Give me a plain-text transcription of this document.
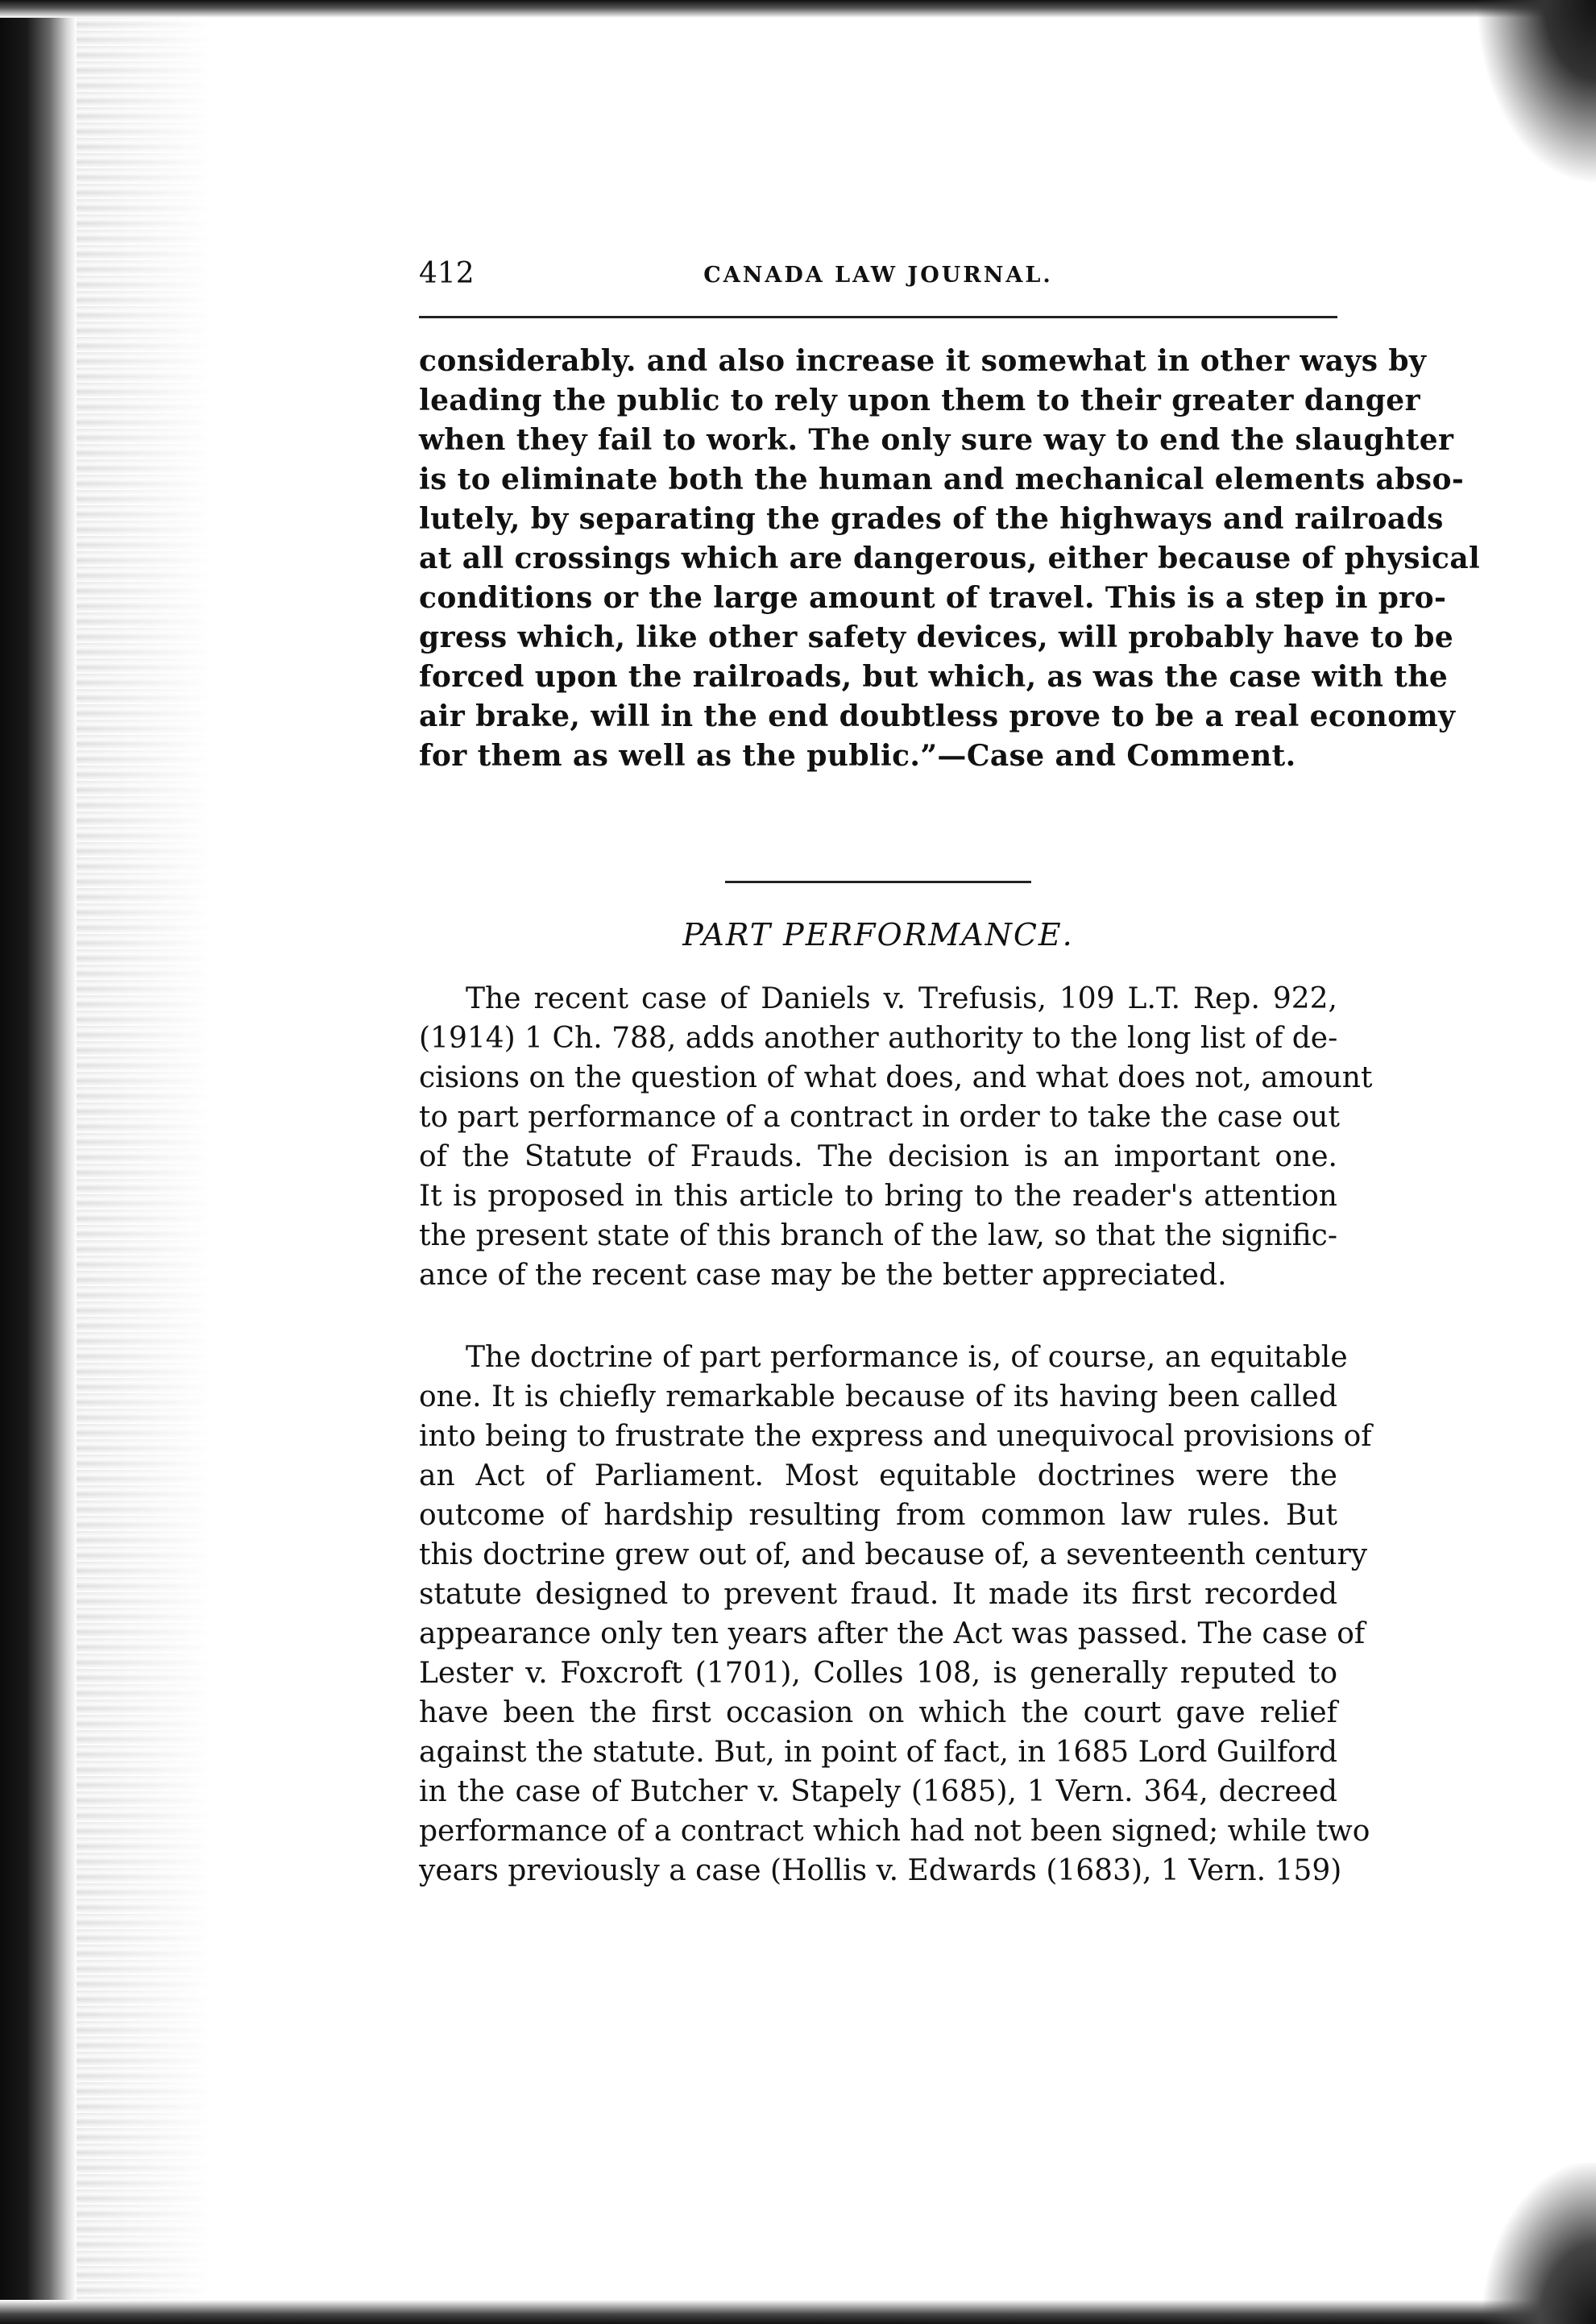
412	CANADA LAW JOURNAL.
considerably. and also increase it somewhat in other ways by
leading the public to rely upon them to their greater danger
when they fail to work. The only sure way to end the slaughter
is to eliminate both the human and mechanical elements abso-
lutely, by separating the grades of the highways and railroads
at all crossings which are dangerous, either because of physical
conditions or the large amount of travel. This is a step in pro-
gress which, like other safety devices, will probably have to be
forced upon the railroads, but which, as was the case with the
air brake, will in the end doubtless prove to be a real economy
for them as well as the public.”—Case and Comment.
PART PERFORMANCE.
The recent case of Daniels v. Trefusis, 109 L.T. Rep. 922,
(1914) 1 Ch. 788, adds another authority to the long list of de-
cisions on the question of what does, and what does not, amount
to part performance of a contract in order to take the case out
of the Statute of Frauds. The decision is an important one.
It is proposed in this article to bring to the reader's attention
the present state of this branch of the law, so that the signific-
ance of the recent case may be the better appreciated.
The doctrine of part performance is, of course, an equitable
one. It is chiefly remarkable because of its having been called
into being to frustrate the express and unequivocal provisions of
an Act of Parliament. Most equitable doctrines were the
outcome of hardship resulting from common law rules. But
this doctrine grew out of, and because of, a seventeenth century
statute designed to prevent fraud. It made its first recorded
appearance only ten years after the Act was passed. The case of
Lester v. Foxcroft (1701), Colles 108, is generally reputed to
have been the first occasion on which the court gave relief
against the statute. But, in point of fact, in 1685 Lord Guilford
in the case of Butcher v. Stapely (1685), 1 Vern. 364, decreed
performance of a contract which had not been signed; while two
years previously a case (Hollis v. Edwards (1683), 1 Vern. 159)
